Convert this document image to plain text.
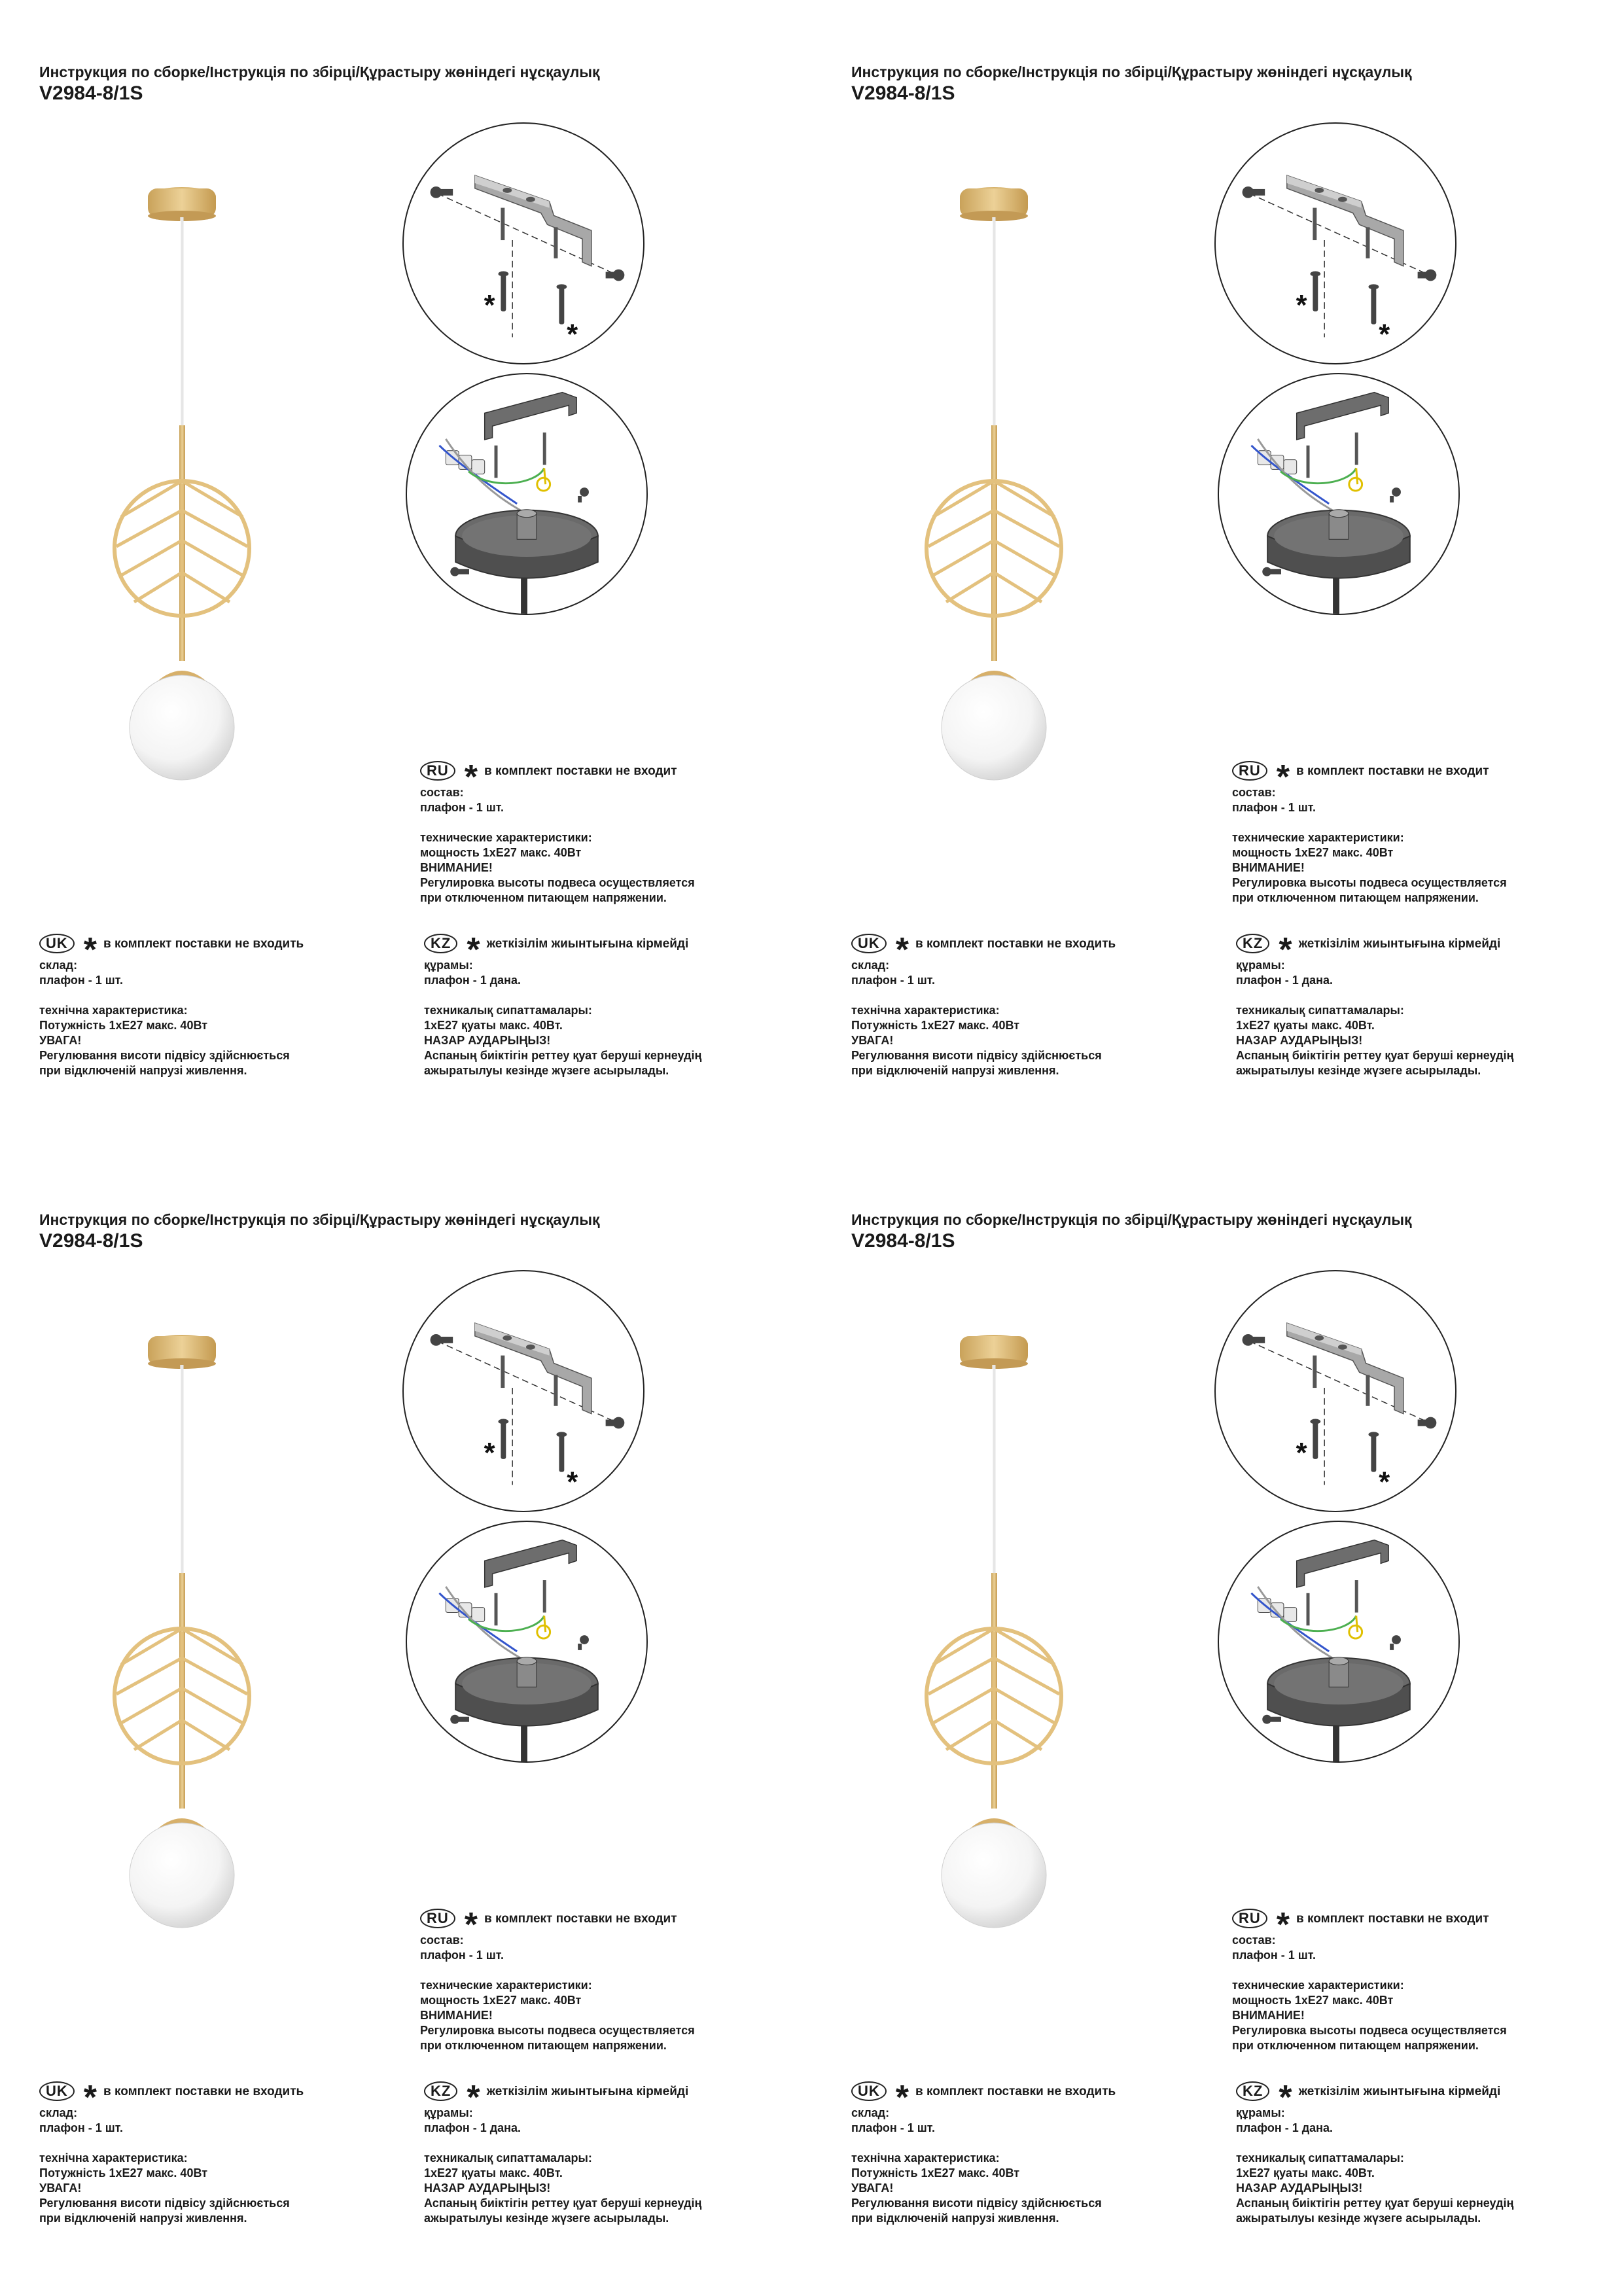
Инструкция по сборке/Інструкція по збірці/Құрастыру жөніндегі нұсқаулық
V2984-8/1S
*
*
RU * в комплект поставки не входит
состав:
плафон - 1 шт.
технические характеристики:
мощность 1хE27 макс. 40Вт
ВНИМАНИЕ!
Регулировка высоты подвеса осуществляется
при отключенном питающем напряжении.
UK * в комплект поставки не входить
склад:
плафон - 1 шт.
технічна характеристика:
Потужність 1хE27 макс. 40Вт
УВАГА!
Регулювання висоти підвісу здійснюється
при відключеній напрузі живлення.
KZ * жеткізілім жиынтығына кірмейді
құрамы:
плафон - 1 дана.
техникалық сипаттамалары:
1хE27 қуаты макс. 40Вт.
НАЗАР АУДАРЫҢЫЗ!
Аспаның биіктігін реттеу қуат беруші кернеудің
ажыратылуы кезінде жүзеге асырылады.
Инструкция по сборке/Інструкція по збірці/Құрастыру жөніндегі нұсқаулық
V2984-8/1S
*
*
RU * в комплект поставки не входит
состав:
плафон - 1 шт.
технические характеристики:
мощность 1хE27 макс. 40Вт
ВНИМАНИЕ!
Регулировка высоты подвеса осуществляется
при отключенном питающем напряжении.
UK * в комплект поставки не входить
склад:
плафон - 1 шт.
технічна характеристика:
Потужність 1хE27 макс. 40Вт
УВАГА!
Регулювання висоти підвісу здійснюється
при відключеній напрузі живлення.
KZ * жеткізілім жиынтығына кірмейді
құрамы:
плафон - 1 дана.
техникалық сипаттамалары:
1хE27 қуаты макс. 40Вт.
НАЗАР АУДАРЫҢЫЗ!
Аспаның биіктігін реттеу қуат беруші кернеудің
ажыратылуы кезінде жүзеге асырылады.
Инструкция по сборке/Інструкція по збірці/Құрастыру жөніндегі нұсқаулық
V2984-8/1S
*
*
RU * в комплект поставки не входит
состав:
плафон - 1 шт.
технические характеристики:
мощность 1хE27 макс. 40Вт
ВНИМАНИЕ!
Регулировка высоты подвеса осуществляется
при отключенном питающем напряжении.
UK * в комплект поставки не входить
склад:
плафон - 1 шт.
технічна характеристика:
Потужність 1хE27 макс. 40Вт
УВАГА!
Регулювання висоти підвісу здійснюється
при відключеній напрузі живлення.
KZ * жеткізілім жиынтығына кірмейді
құрамы:
плафон - 1 дана.
техникалық сипаттамалары:
1хE27 қуаты макс. 40Вт.
НАЗАР АУДАРЫҢЫЗ!
Аспаның биіктігін реттеу қуат беруші кернеудің
ажыратылуы кезінде жүзеге асырылады.
Инструкция по сборке/Інструкція по збірці/Құрастыру жөніндегі нұсқаулық
V2984-8/1S
*
*
RU * в комплект поставки не входит
состав:
плафон - 1 шт.
технические характеристики:
мощность 1хE27 макс. 40Вт
ВНИМАНИЕ!
Регулировка высоты подвеса осуществляется
при отключенном питающем напряжении.
UK * в комплект поставки не входить
склад:
плафон - 1 шт.
технічна характеристика:
Потужність 1хE27 макс. 40Вт
УВАГА!
Регулювання висоти підвісу здійснюється
при відключеній напрузі живлення.
KZ * жеткізілім жиынтығына кірмейді
құрамы:
плафон - 1 дана.
техникалық сипаттамалары:
1хE27 қуаты макс. 40Вт.
НАЗАР АУДАРЫҢЫЗ!
Аспаның биіктігін реттеу қуат беруші кернеудің
ажыратылуы кезінде жүзеге асырылады.
